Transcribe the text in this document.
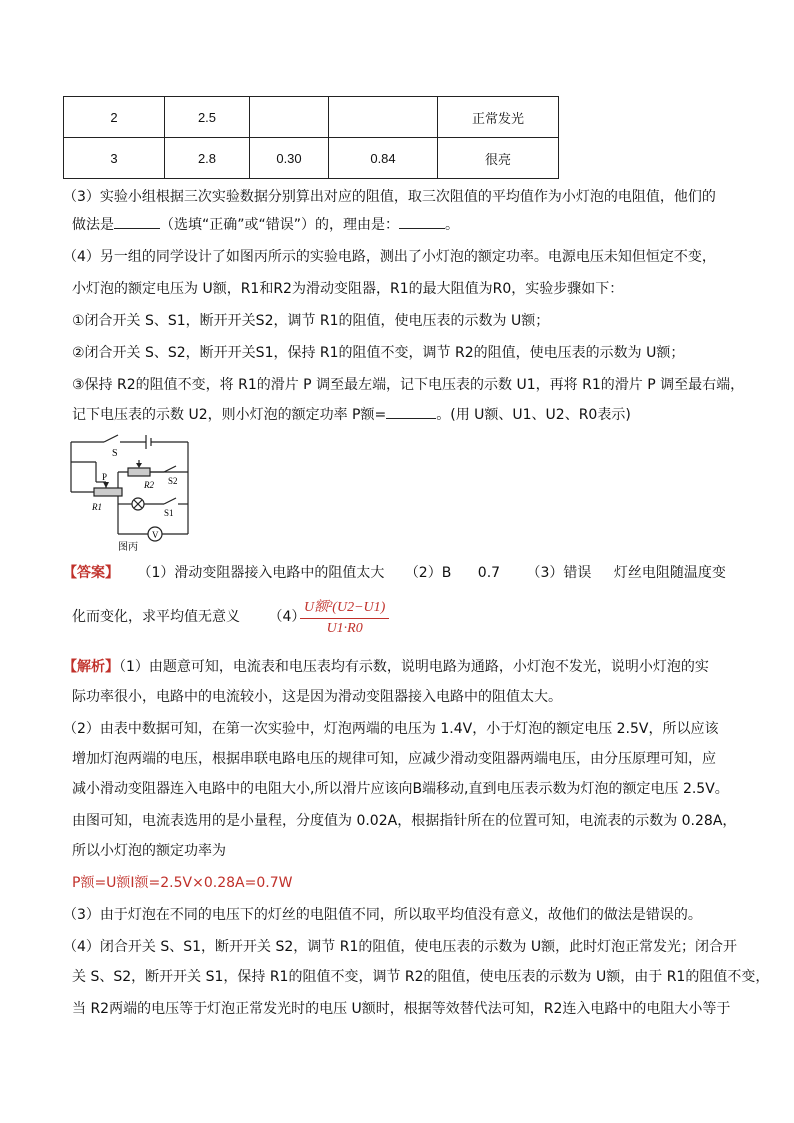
2	2.5			正常发光
3	2.8	0.30	0.84	很亮
（3）实验小组根据三次实验数据分别算出对应的阻值，取三次阻值的平均值作为小灯泡的电阻值，他们的
做法是	（选填“正确”或“错误”）的，理由是：	。
（4）另一组的同学设计了如图丙所示的实验电路，测出了小灯泡的额定功率。电源电压未知但恒定不变，
小灯泡的额定电压为 U额，R1和R2为滑动变阻器，R1的最大阻值为R0，实验步骤如下：
①闭合开关 S、S1，断开开关S2，调节 R1的阻值，使电压表的示数为 U额；
②闭合开关 S、S2，断开开关S1，保持 R1的阻值不变，调节 R2的阻值，使电压表的示数为 U额；
③保持 R2的阻值不变，将 R1的滑片 P 调至最左端，记下电压表的示数 U1，再将 R1的滑片 P 调至最右端，
记下电压表的示数 U2，则小灯泡的额定功率 P额=	。(用 U额、U1、U2、R0表示)
S
R2 S2
P
R1
S1
V
图丙
【答案】 （1）滑动变阻器接入电路中的阻值太大 （2）B 0.7 （3）错误 灯丝电阻随温度变
化而变化，求平均值无意义 （4）
U额²(U2−U1)
U1·R0
【解析】（1）由题意可知，电流表和电压表均有示数，说明电路为通路，小灯泡不发光，说明小灯泡的实
际功率很小，电路中的电流较小，这是因为滑动变阻器接入电路中的阻值太大。
（2）由表中数据可知，在第一次实验中，灯泡两端的电压为 1.4V，小于灯泡的额定电压 2.5V，所以应该
增加灯泡两端的电压，根据串联电路电压的规律可知，应减少滑动变阻器两端电压，由分压原理可知，应
减小滑动变阻器连入电路中的电阻大小,所以滑片应该向B端移动,直到电压表示数为灯泡的额定电压 2.5V。
由图可知，电流表选用的是小量程，分度值为 0.02A，根据指针所在的位置可知，电流表的示数为 0.28A，
所以小灯泡的额定功率为
P额=U额I额=2.5V×0.28A=0.7W
（3）由于灯泡在不同的电压下的灯丝的电阻值不同，所以取平均值没有意义，故他们的做法是错误的。
（4）闭合开关 S、S1，断开开关 S2，调节 R1的阻值，使电压表的示数为 U额，此时灯泡正常发光；闭合开
关 S、S2，断开开关 S1，保持 R1的阻值不变，调节 R2的阻值，使电压表的示数为 U额，由于 R1的阻值不变，
当 R2两端的电压等于灯泡正常发光时的电压 U额时，根据等效替代法可知，R2连入电路中的电阻大小等于
